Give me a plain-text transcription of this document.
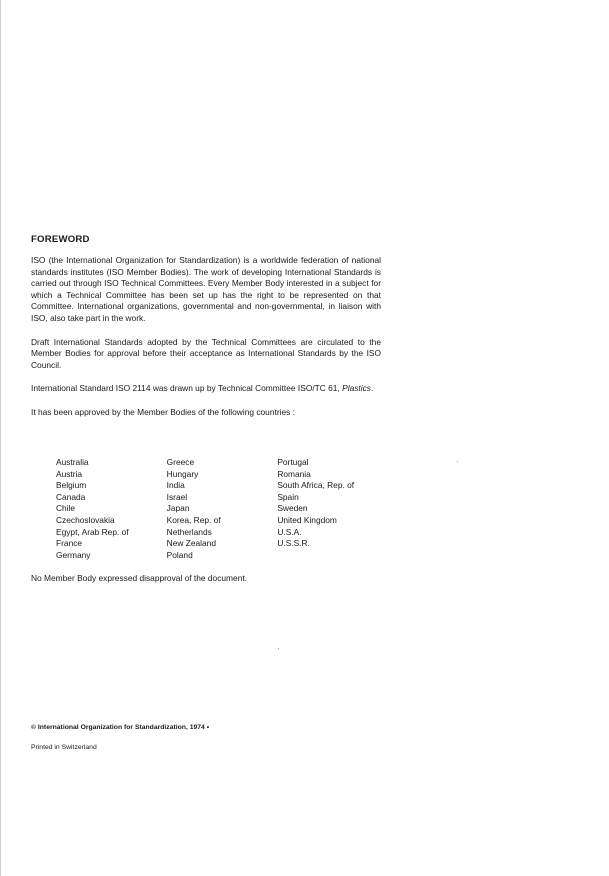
FOREWORD

ISO (the International Organization for Standardization) is a worldwide federation of national standards institutes (ISO Member Bodies). The work of developing International Standards is carried out through ISO Technical Committees. Every Member Body interested in a subject for which a Technical Committee has been set up has the right to be represented on that Committee. International organizations, governmental and non-governmental, in liaison with ISO, also take part in the work.

Draft International Standards adopted by the Technical Committees are circulated to the Member Bodies for approval before their acceptance as International Standards by the ISO Council.

International Standard ISO 2114 was drawn up by Technical Committee ISO/TC 61, Plastics.

It has been approved by the Member Bodies of the following countries :

Australia
Austria
Belgium
Canada
Chile
Czechoslovakia
Egypt, Arab Rep. of
France
Germany
Greece
Hungary
India
Israel
Japan
Korea, Rep. of
Netherlands
New Zealand
Poland
Portugal
Romania
South Africa, Rep. of
Spain
Sweden
United Kingdom
U.S.A.
U.S.S.R.

No Member Body expressed disapproval of the document.

© International Organization for Standardization, 1974 •

Printed in Switzerland
